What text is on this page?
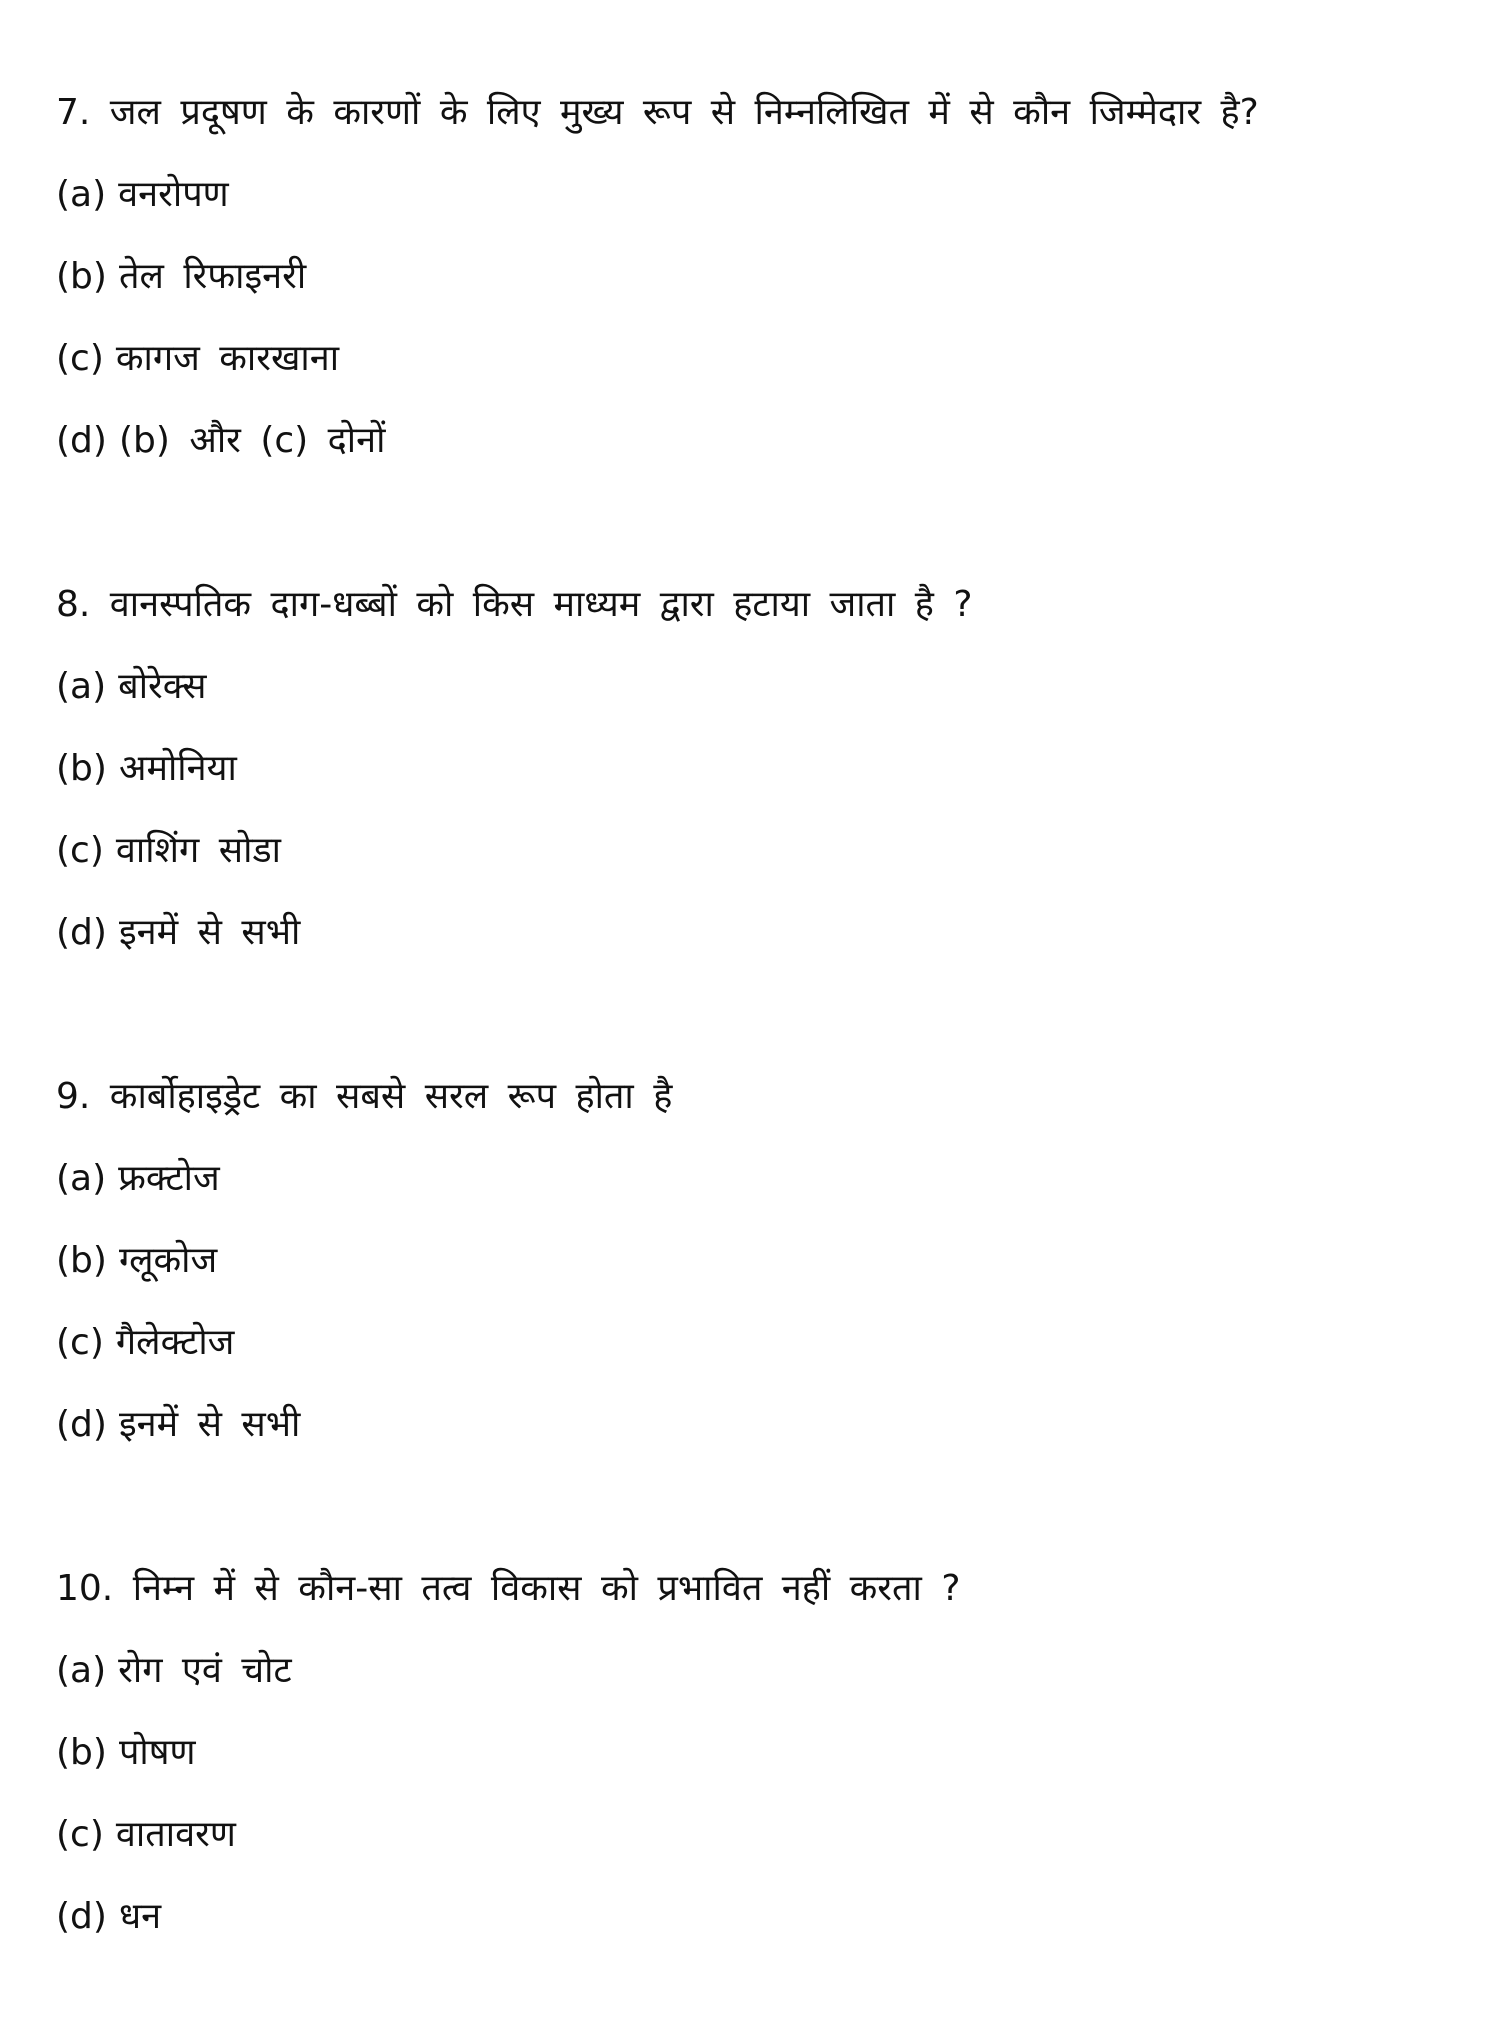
7. जल प्रदूषण के कारणों के लिए मुख्य रूप से निम्नलिखित में से कौन जिम्मेदार है?

(a) वनरोपण
(b) तेल रिफाइनरी
(c) कागज कारखाना
(d) (b) और (c) दोनों

8. वानस्पतिक दाग-धब्बों को किस माध्यम द्वारा हटाया जाता है ?

(a) बोरेक्स
(b) अमोनिया
(c) वाशिंग सोडा
(d) इनमें से सभी

9. कार्बोहाइड्रेट का सबसे सरल रूप होता है

(a) फ्रक्टोज
(b) ग्लूकोज
(c) गैलेक्टोज
(d) इनमें से सभी

10. निम्न में से कौन-सा तत्व विकास को प्रभावित नहीं करता ?

(a) रोग एवं चोट
(b) पोषण
(c) वातावरण
(d) धन
